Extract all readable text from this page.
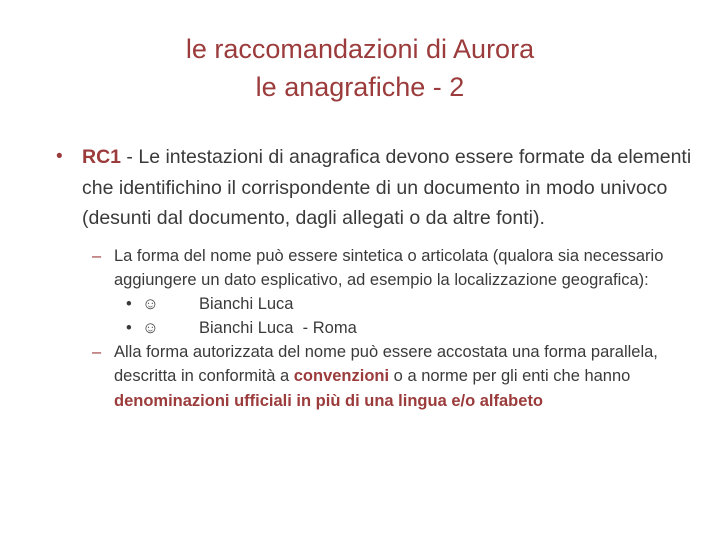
le raccomandazioni di Aurora
le anagrafiche - 2
• RC1 - Le intestazioni di anagrafica devono essere formate da elementi che identifichino il corrispondente di un documento in modo univoco (desunti dal documento, dagli allegati o da altre fonti).
– La forma del nome può essere sintetica o articolata (qualora sia necessario aggiungere un dato esplicativo, ad esempio la localizzazione geografica):
• ☺ Bianchi Luca
• ☺ Bianchi Luca  - Roma
– Alla forma autorizzata del nome può essere accostata una forma parallela, descritta in conformità a convenzioni o a norme per gli enti che hanno denominazioni ufficiali in più di una lingua e/o alfabeto
